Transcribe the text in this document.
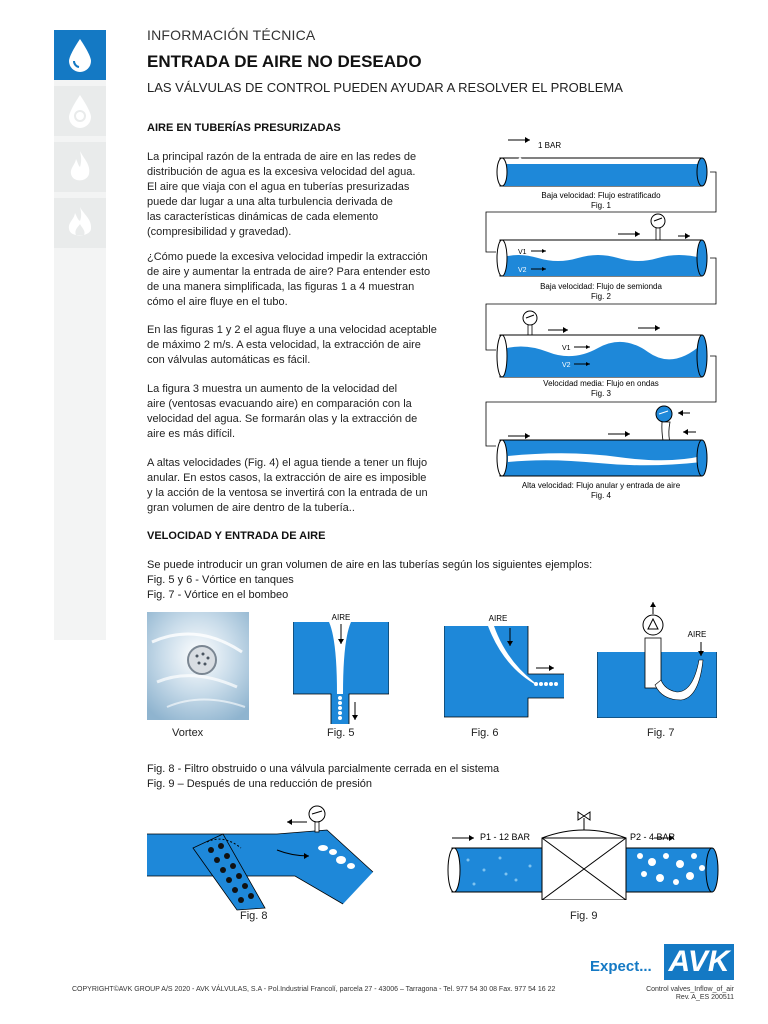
INFORMACIÓN TÉCNICA
ENTRADA DE AIRE NO DESEADO
LAS VÁLVULAS DE CONTROL PUEDEN AYUDAR A RESOLVER EL PROBLEMA
AIRE EN TUBERÍAS PRESURIZADAS
La principal razón de la entrada de aire en las redes de
distribución de agua es la excesiva velocidad del agua.
El aire que viaja con el agua en tuberías presurizadas
puede dar lugar a una alta turbulencia derivada de
las características dinámicas de cada elemento
(compresibilidad y gravedad).
¿Cómo puede la excesiva velocidad impedir la extracción
de aire y aumentar la entrada de aire? Para entender esto
de una manera simplificada, las figuras 1 a 4 muestran
cómo el aire fluye en el tubo.
En las figuras 1 y 2 el agua fluye a una velocidad aceptable
de máximo 2 m/s. A esta velocidad, la extracción de aire
con válvulas automáticas es fácil.
La figura 3 muestra un aumento de la velocidad del
aire (ventosas evacuando aire) en comparación con la
velocidad del agua. Se formarán olas y la extracción de
aire es más difícil.
A altas velocidades (Fig. 4) el agua tiende a tener un flujo
anular. En estos casos, la extracción de aire es imposible
y la acción de la ventosa se invertirá con la entrada de un
gran volumen de aire dentro de la tubería..
1 BAR
Baja velocidad: Flujo estratificado
Fig. 1
V1
V2
Baja velocidad: Flujo de semionda
Fig. 2
V1
V2
Velocidad media: Flujo en ondas
Fig. 3
Alta velocidad: Flujo anular y entrada de aire
Fig. 4
VELOCIDAD Y ENTRADA DE AIRE
Se puede introducir un gran volumen de aire en las tuberías según los siguientes ejemplos:
Fig. 5 y 6 - Vórtice en tanques
Fig. 7 - Vórtice en el bombeo
Vortex
AIRE
Fig. 5
AIRE
Fig. 6
AIRE
Fig. 7
Fig. 8 - Filtro obstruido o una válvula parcialmente cerrada en el sistema
Fig. 9 – Después de una reducción de presión
Fig. 8
P1 - 12 BAR	P2 - 4 BAR
Fig. 9
Expect... AVK
COPYRIGHT©AVK GROUP A/S 2020 - AVK VÁLVULAS, S.A - Pol.Industrial Francolí, parcela 27 - 43006 – Tarragona - Tel. 977 54 30 08 Fax. 977 54 16 22	Control valves_Inflow_of_air
Rev. A_ES 200511
